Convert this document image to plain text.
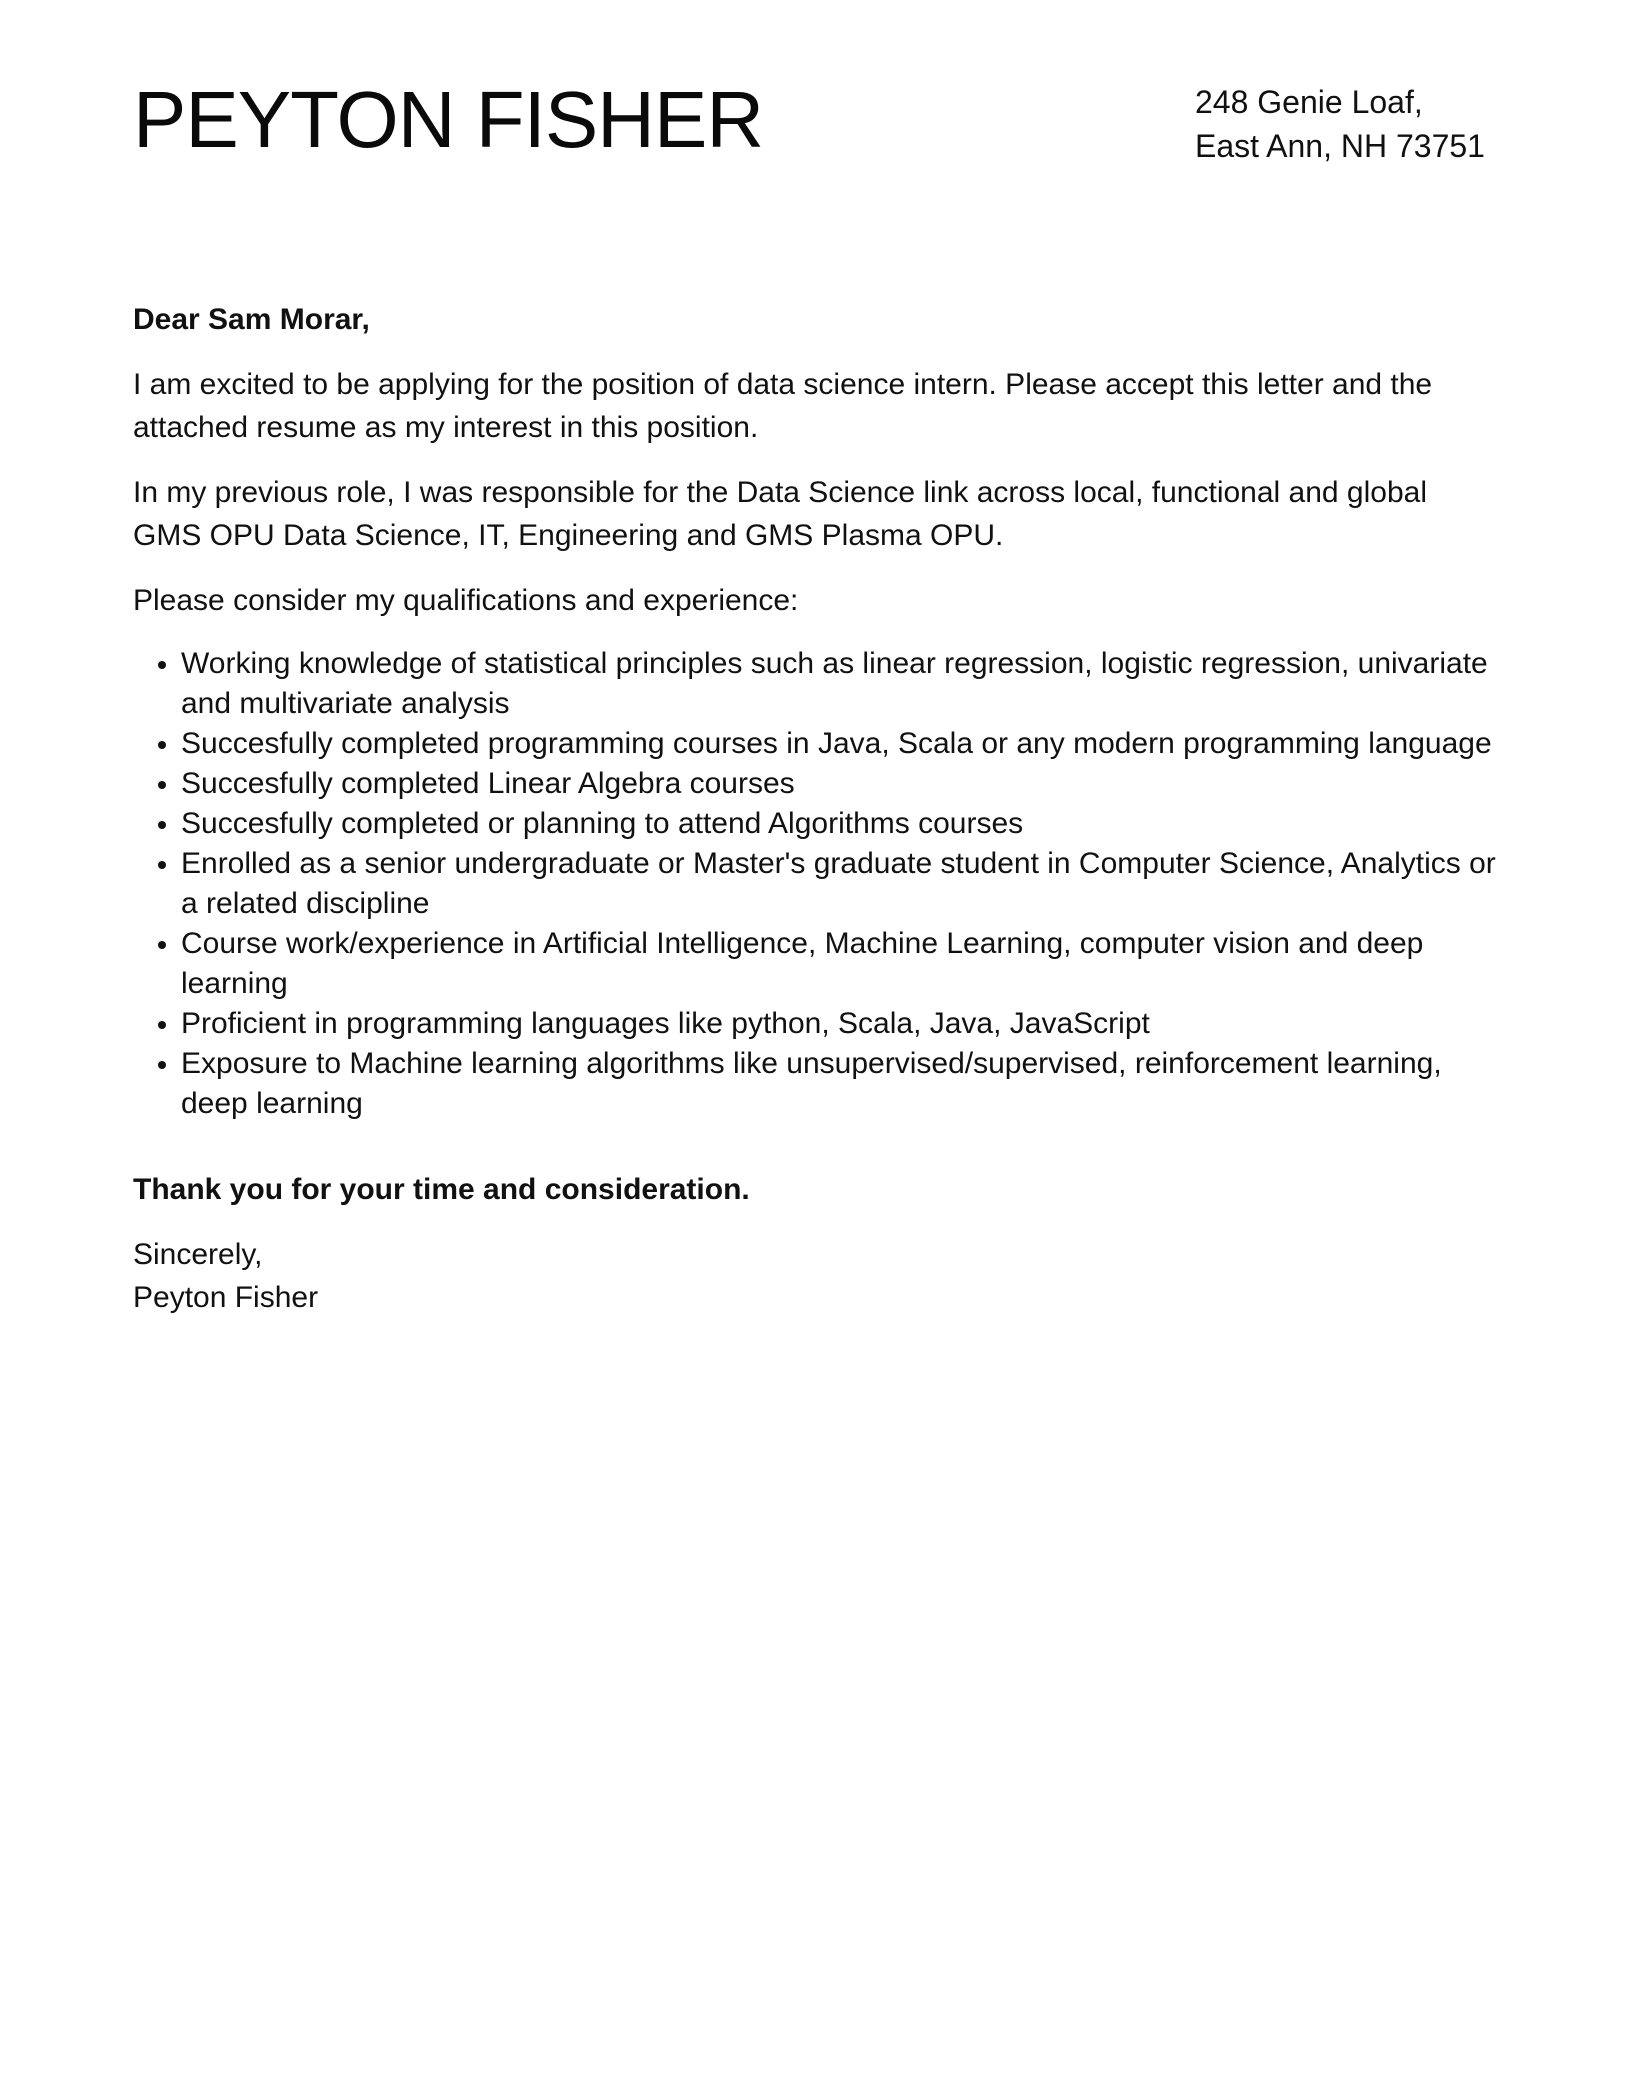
PEYTON FISHER	248 Genie Loaf,
East Ann, NH 73751

Dear Sam Morar,

I am excited to be applying for the position of data science intern. Please accept this letter and the attached resume as my interest in this position.

In my previous role, I was responsible for the Data Science link across local, functional and global GMS OPU Data Science, IT, Engineering and GMS Plasma OPU.

Please consider my qualifications and experience:

Working knowledge of statistical principles such as linear regression, logistic regression, univariate and multivariate analysis
Succesfully completed programming courses in Java, Scala or any modern programming language
Succesfully completed Linear Algebra courses
Succesfully completed or planning to attend Algorithms courses
Enrolled as a senior undergraduate or Master's graduate student in Computer Science, Analytics or a related discipline
Course work/experience in Artificial Intelligence, Machine Learning, computer vision and deep learning
Proficient in programming languages like python, Scala, Java, JavaScript
Exposure to Machine learning algorithms like unsupervised/supervised, reinforcement learning, deep learning

Thank you for your time and consideration.

Sincerely,
Peyton Fisher
